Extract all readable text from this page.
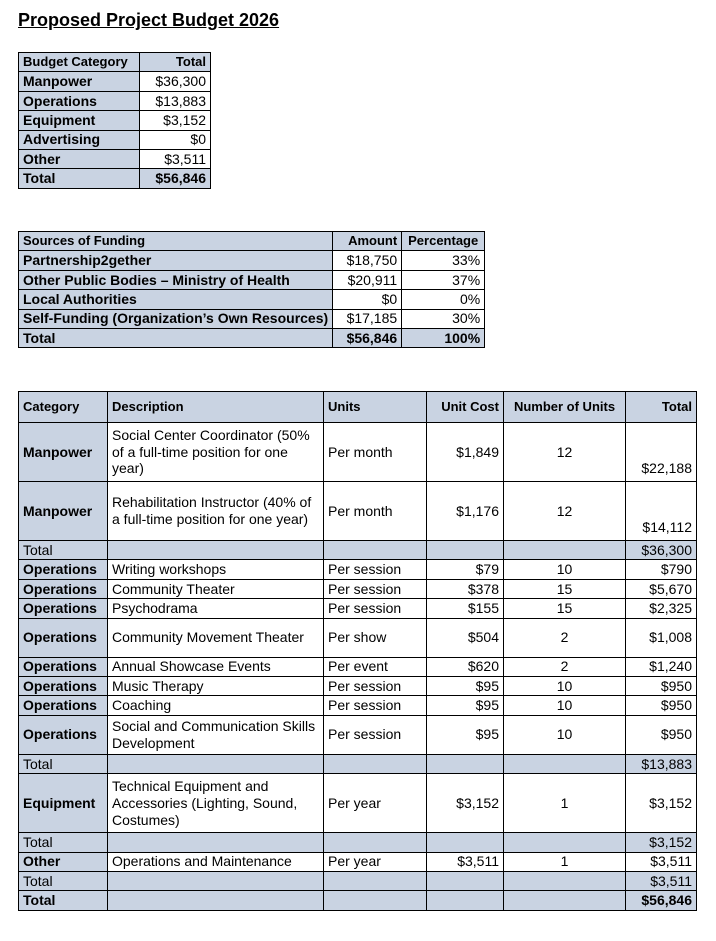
Proposed Project Budget 2026
Budget Category	Total
Manpower	$36,300
Operations	$13,883
Equipment	$3,152
Advertising	$0
Other	$3,511
Total	$56,846
Sources of Funding	Amount	Percentage
Partnership2gether	$18,750	33%
Other Public Bodies – Ministry of Health	$20,911	37%
Local Authorities	$0	0%
Self-Funding (Organization’s Own Resources)	$17,185	30%
Total	$56,846	100%
Category	Description	Units	Unit Cost	Number of Units	Total
Manpower	Social Center Coordinator (50% of a full-time position for one year)	Per month	$1,849	12	$22,188
Manpower	Rehabilitation Instructor (40% of a full-time position for one year)	Per month	$1,176	12	$14,112
Total					$36,300
Operations	Writing workshops	Per session	$79	10	$790
Operations	Community Theater	Per session	$378	15	$5,670
Operations	Psychodrama	Per session	$155	15	$2,325
Operations	Community Movement Theater	Per show	$504	2	$1,008
Operations	Annual Showcase Events	Per event	$620	2	$1,240
Operations	Music Therapy	Per session	$95	10	$950
Operations	Coaching	Per session	$95	10	$950
Operations	Social and Communication Skills Development	Per session	$95	10	$950
Total					$13,883
Equipment	Technical Equipment and Accessories (Lighting, Sound, Costumes)	Per year	$3,152	1	$3,152
Total					$3,152
Other	Operations and Maintenance	Per year	$3,511	1	$3,511
Total					$3,511
Total					$56,846
